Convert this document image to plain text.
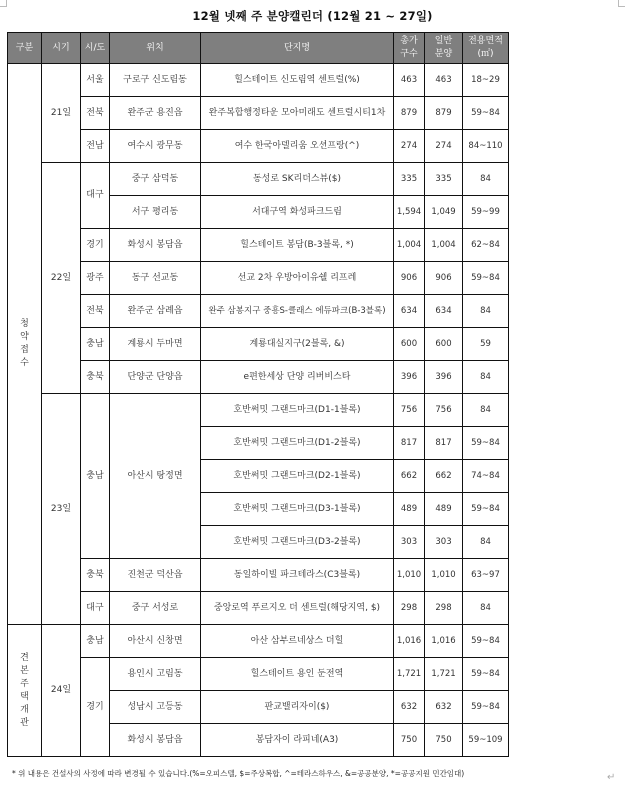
12월 넷째 주 분양캘린더 (12월 21 ~ 27일)
구분	시기	시/도	위치	단지명	총가구수	일반분양	전용면적(㎡)
청약 접수	21일	서울	구로구 신도림동	힐스테이트 신도림역 센트럴(%)	463	463	18~29
		전북	완주군 용진읍	완주복합행정타운 모아미래도 센트럴시티1차	879	879	59~84
		전남	여수시 광무동	여수 한국아델리움 오션프랑(^)	274	274	84~110
	22일	대구	중구 삼덕동	동성로 SK리더스뷰($)	335	335	84
			서구 평리동	서대구역 화성파크드림	1,594	1,049	59~99
		경기	화성시 봉담읍	힐스테이트 봉담(B-3블록, *)	1,004	1,004	62~84
		광주	동구 선교동	선교 2차 우방아이유쉘 리프레	906	906	59~84
		전북	완주군 삼례읍	완주 삼봉지구 중흥S-클래스 에듀파크(B-3블록)	634	634	84
		충남	계룡시 두마면	계룡대실지구(2블록, &)	600	600	59
		충북	단양군 단양읍	e편한세상 단양 리버비스타	396	396	84
	23일	충남	아산시 탕정면	호반써밋 그랜드마크(D1-1블록)	756	756	84
				호반써밋 그랜드마크(D1-2블록)	817	817	59~84
				호반써밋 그랜드마크(D2-1블록)	662	662	74~84
				호반써밋 그랜드마크(D3-1블록)	489	489	59~84
				호반써밋 그랜드마크(D3-2블록)	303	303	84
		충북	진천군 덕산읍	동일하이빌 파크테라스(C3블록)	1,010	1,010	63~97
		대구	중구 서성로	중앙로역 푸르지오 더 센트럴(해당지역, $)	298	298	84
견본 주택 개관	24일	충남	아산시 신창면	아산 삼부르네상스 더힐	1,016	1,016	59~84
		경기	용인시 고림동	힐스테이트 용인 둔전역	1,721	1,721	59~84
			성남시 고등동	판교밸리자이($)	632	632	59~84
			화성시 봉담읍	봉담자이 라피네(A3)	750	750	59~109
* 위 내용은 건설사의 사정에 따라 변경될 수 있습니다.(%=오피스텔, $=주상복합, ^=테라스하우스, &=공공분양, *=공공지원 민간임대)	↵
